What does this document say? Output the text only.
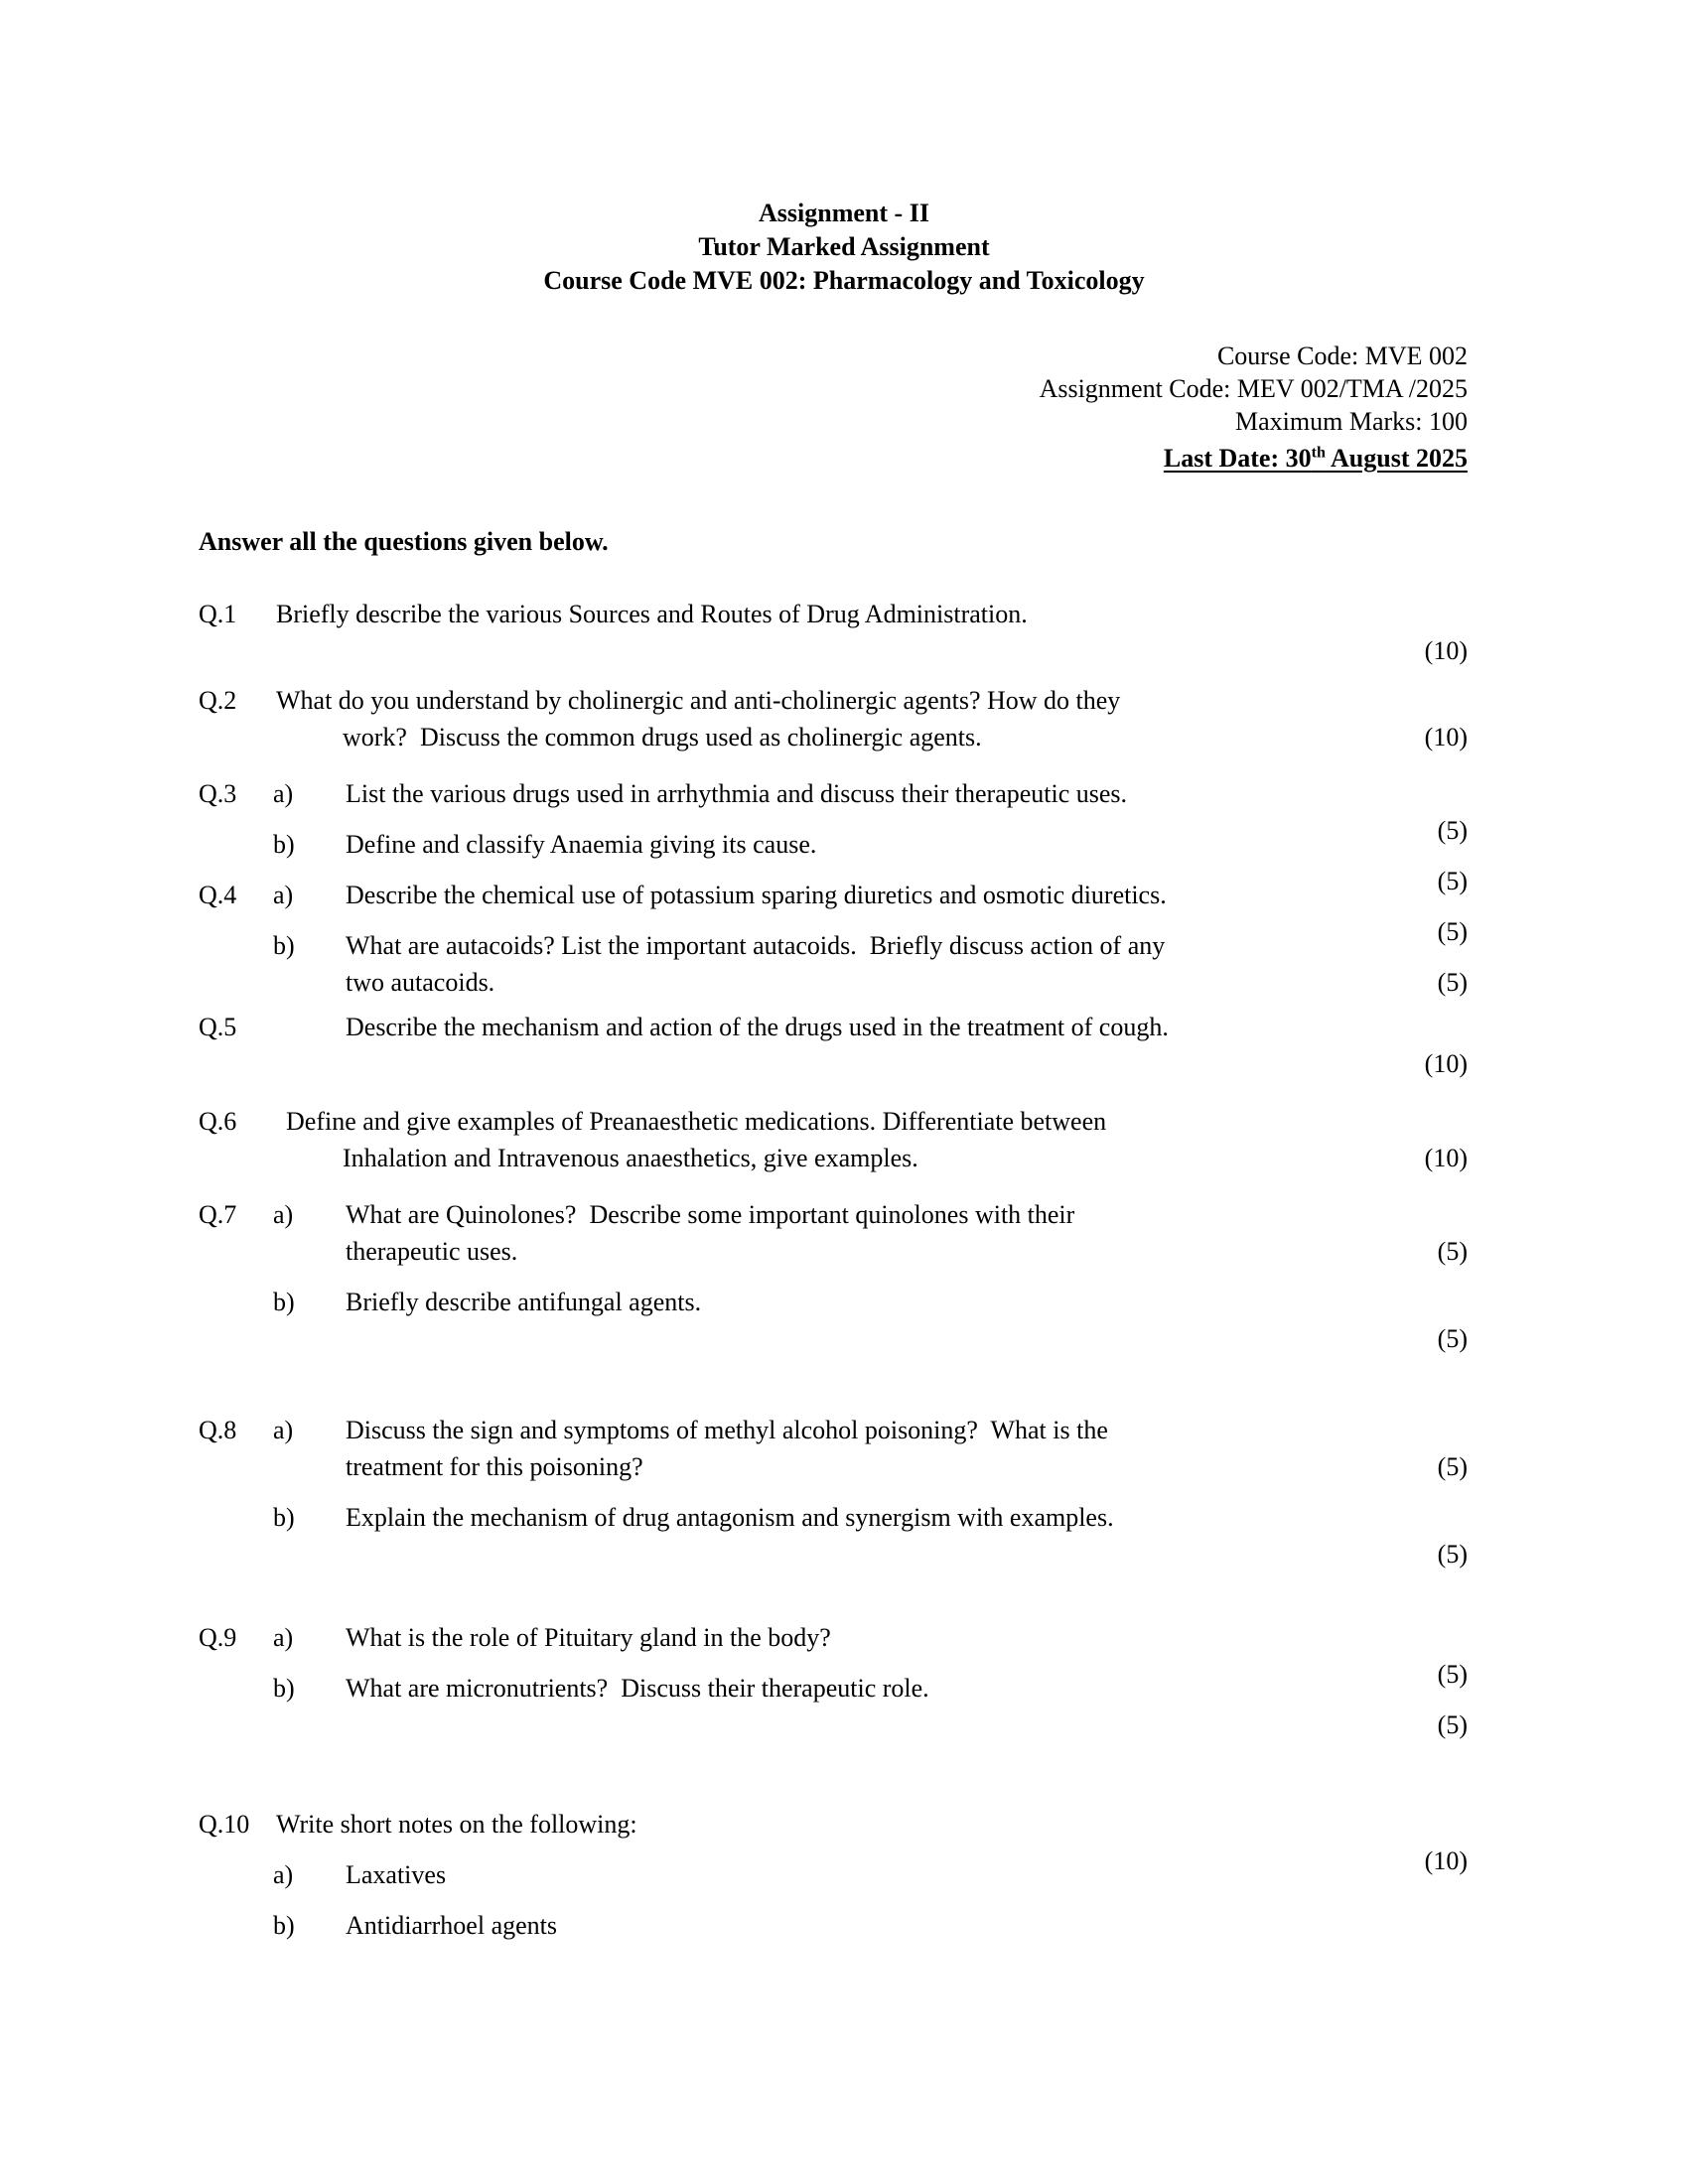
Assignment - II
Tutor Marked Assignment
Course Code MVE 002: Pharmacology and Toxicology
Course Code: MVE 002
Assignment Code: MEV 002/TMA /2025
Maximum Marks: 100
Last Date: 30th August 2025
Answer all the questions given below.
Q.1	Briefly describe the various Sources and Routes of Drug Administration.
(10)
Q.2	What do you understand by cholinergic and anti-cholinergic agents? How do they
work?  Discuss the common drugs used as cholinergic agents.	(10)
Q.3	a)	List the various drugs used in arrhythmia and discuss their therapeutic uses.
(5)
b)	Define and classify Anaemia giving its cause.
(5)
Q.4	a)	Describe the chemical use of potassium sparing diuretics and osmotic diuretics.
(5)
b)	What are autacoids? List the important autacoids.  Briefly discuss action of any
two autacoids.	(5)
Q.5	Describe the mechanism and action of the drugs used in the treatment of cough.
(10)
Q.6	Define and give examples of Preanaesthetic medications. Differentiate between
Inhalation and Intravenous anaesthetics, give examples.	(10)
Q.7	a)	What are Quinolones?  Describe some important quinolones with their
therapeutic uses.	(5)
b)	Briefly describe antifungal agents.
(5)
Q.8	a)	Discuss the sign and symptoms of methyl alcohol poisoning?  What is the
treatment for this poisoning?	(5)
b)	Explain the mechanism of drug antagonism and synergism with examples.
(5)
Q.9	a)	What is the role of Pituitary gland in the body?
(5)
b)	What are micronutrients?  Discuss their therapeutic role.
(5)
Q.10	Write short notes on the following:
(10)
a)	Laxatives
b)	Antidiarrhoel agents
